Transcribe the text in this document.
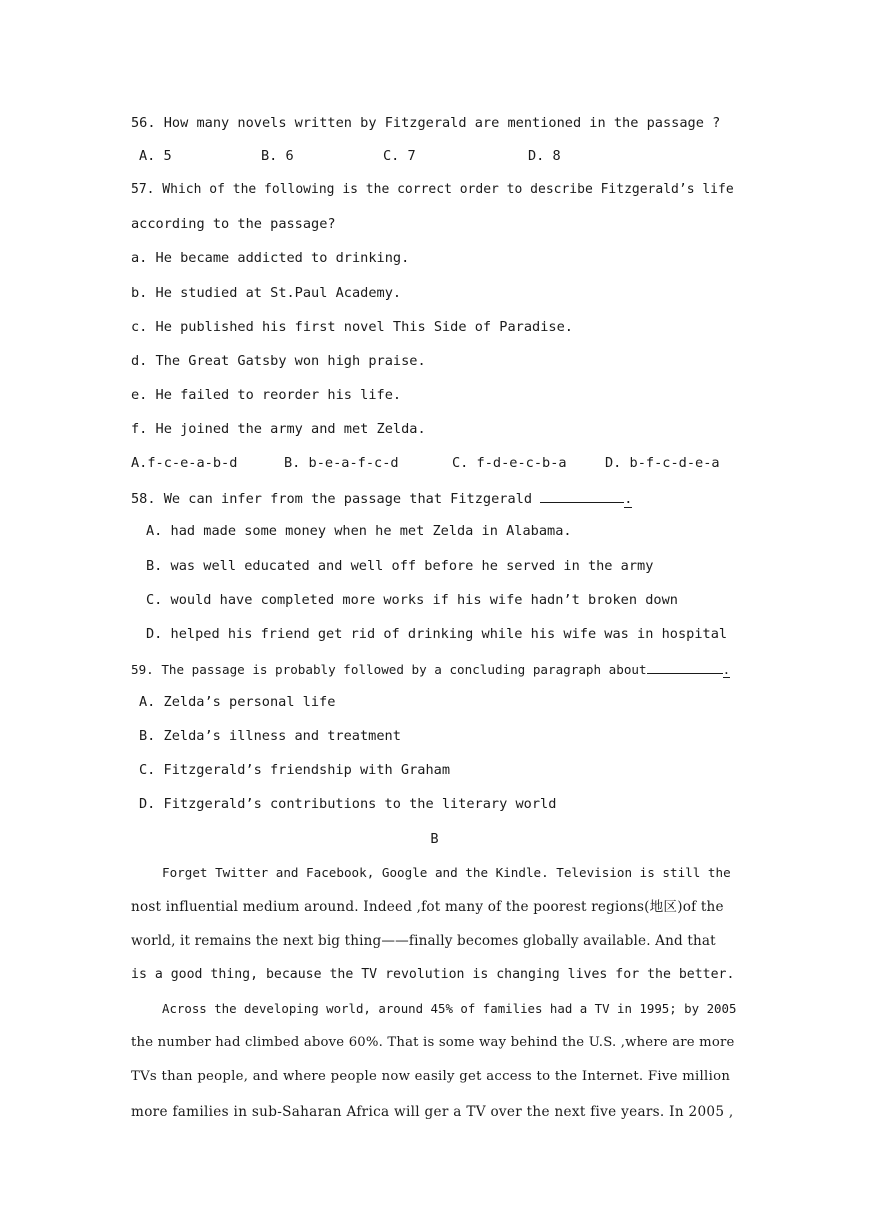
56. How many novels written by Fitzgerald are mentioned in the passage ?
A. 5	B. 6	C. 7	D. 8
57. Which of the following is the correct order to describe Fitzgerald’s life
according to the passage?
a. He became addicted to drinking.
b. He studied at St.Paul Academy.
c. He published his first novel This Side of Paradise.
d. The Great Gatsby won high praise.
e. He failed to reorder his life.
f. He joined the army and met Zelda.
A.f-c-e-a-b-d	B. b-e-a-f-c-d	C. f-d-e-c-b-a	D. b-f-c-d-e-a
58. We can infer from the passage that Fitzgerald	.
A. had made some money when he met Zelda in Alabama.
B. was well educated and well off before he served in the army
C. would have completed more works if his wife hadn’t broken down
D. helped his friend get rid of drinking while his wife was in hospital
59. The passage is probably followed by a concluding paragraph about	.
A. Zelda’s personal life
B. Zelda’s illness and treatment
C. Fitzgerald’s friendship with Graham
D. Fitzgerald’s contributions to the literary world
B
Forget Twitter and Facebook, Google and the Kindle. Television is still the
nost influential medium around. Indeed ,fot many of the poorest regions(地区)of the
world, it remains the next big thing——finally becomes globally available. And that
is a good thing, because the TV revolution is changing lives for the better.
Across the developing world, around 45% of families had a TV in 1995; by 2005
the number had climbed above 60%. That is some way behind the U.S. ,where are more
TVs than people, and where people now easily get access to the Internet. Five million
more families in sub-Saharan Africa will ger a TV over the next five years. In 2005 ,
